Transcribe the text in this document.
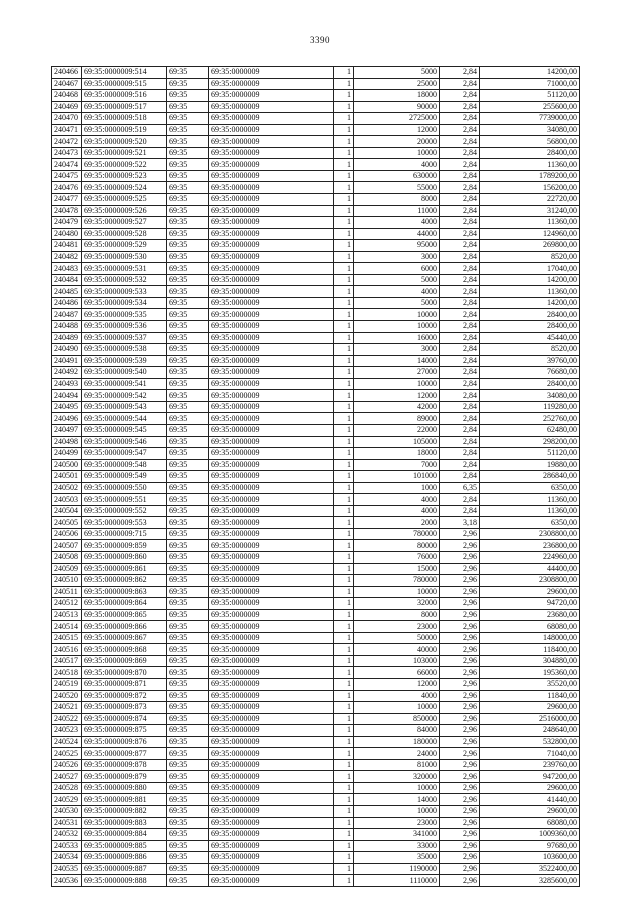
3390
240466	69:35:0000009:514	69:35	69:35:0000009	1	5000	2,84	14200,00
240467	69:35:0000009:515	69:35	69:35:0000009	1	25000	2,84	71000,00
240468	69:35:0000009:516	69:35	69:35:0000009	1	18000	2,84	51120,00
240469	69:35:0000009:517	69:35	69:35:0000009	1	90000	2,84	255600,00
240470	69:35:0000009:518	69:35	69:35:0000009	1	2725000	2,84	7739000,00
240471	69:35:0000009:519	69:35	69:35:0000009	1	12000	2,84	34080,00
240472	69:35:0000009:520	69:35	69:35:0000009	1	20000	2,84	56800,00
240473	69:35:0000009:521	69:35	69:35:0000009	1	10000	2,84	28400,00
240474	69:35:0000009:522	69:35	69:35:0000009	1	4000	2,84	11360,00
240475	69:35:0000009:523	69:35	69:35:0000009	1	630000	2,84	1789200,00
240476	69:35:0000009:524	69:35	69:35:0000009	1	55000	2,84	156200,00
240477	69:35:0000009:525	69:35	69:35:0000009	1	8000	2,84	22720,00
240478	69:35:0000009:526	69:35	69:35:0000009	1	11000	2,84	31240,00
240479	69:35:0000009:527	69:35	69:35:0000009	1	4000	2,84	11360,00
240480	69:35:0000009:528	69:35	69:35:0000009	1	44000	2,84	124960,00
240481	69:35:0000009:529	69:35	69:35:0000009	1	95000	2,84	269800,00
240482	69:35:0000009:530	69:35	69:35:0000009	1	3000	2,84	8520,00
240483	69:35:0000009:531	69:35	69:35:0000009	1	6000	2,84	17040,00
240484	69:35:0000009:532	69:35	69:35:0000009	1	5000	2,84	14200,00
240485	69:35:0000009:533	69:35	69:35:0000009	1	4000	2,84	11360,00
240486	69:35:0000009:534	69:35	69:35:0000009	1	5000	2,84	14200,00
240487	69:35:0000009:535	69:35	69:35:0000009	1	10000	2,84	28400,00
240488	69:35:0000009:536	69:35	69:35:0000009	1	10000	2,84	28400,00
240489	69:35:0000009:537	69:35	69:35:0000009	1	16000	2,84	45440,00
240490	69:35:0000009:538	69:35	69:35:0000009	1	3000	2,84	8520,00
240491	69:35:0000009:539	69:35	69:35:0000009	1	14000	2,84	39760,00
240492	69:35:0000009:540	69:35	69:35:0000009	1	27000	2,84	76680,00
240493	69:35:0000009:541	69:35	69:35:0000009	1	10000	2,84	28400,00
240494	69:35:0000009:542	69:35	69:35:0000009	1	12000	2,84	34080,00
240495	69:35:0000009:543	69:35	69:35:0000009	1	42000	2,84	119280,00
240496	69:35:0000009:544	69:35	69:35:0000009	1	89000	2,84	252760,00
240497	69:35:0000009:545	69:35	69:35:0000009	1	22000	2,84	62480,00
240498	69:35:0000009:546	69:35	69:35:0000009	1	105000	2,84	298200,00
240499	69:35:0000009:547	69:35	69:35:0000009	1	18000	2,84	51120,00
240500	69:35:0000009:548	69:35	69:35:0000009	1	7000	2,84	19880,00
240501	69:35:0000009:549	69:35	69:35:0000009	1	101000	2,84	286840,00
240502	69:35:0000009:550	69:35	69:35:0000009	1	1000	6,35	6350,00
240503	69:35:0000009:551	69:35	69:35:0000009	1	4000	2,84	11360,00
240504	69:35:0000009:552	69:35	69:35:0000009	1	4000	2,84	11360,00
240505	69:35:0000009:553	69:35	69:35:0000009	1	2000	3,18	6350,00
240506	69:35:0000009:715	69:35	69:35:0000009	1	780000	2,96	2308800,00
240507	69:35:0000009:859	69:35	69:35:0000009	1	80000	2,96	236800,00
240508	69:35:0000009:860	69:35	69:35:0000009	1	76000	2,96	224960,00
240509	69:35:0000009:861	69:35	69:35:0000009	1	15000	2,96	44400,00
240510	69:35:0000009:862	69:35	69:35:0000009	1	780000	2,96	2308800,00
240511	69:35:0000009:863	69:35	69:35:0000009	1	10000	2,96	29600,00
240512	69:35:0000009:864	69:35	69:35:0000009	1	32000	2,96	94720,00
240513	69:35:0000009:865	69:35	69:35:0000009	1	8000	2,96	23680,00
240514	69:35:0000009:866	69:35	69:35:0000009	1	23000	2,96	68080,00
240515	69:35:0000009:867	69:35	69:35:0000009	1	50000	2,96	148000,00
240516	69:35:0000009:868	69:35	69:35:0000009	1	40000	2,96	118400,00
240517	69:35:0000009:869	69:35	69:35:0000009	1	103000	2,96	304880,00
240518	69:35:0000009:870	69:35	69:35:0000009	1	66000	2,96	195360,00
240519	69:35:0000009:871	69:35	69:35:0000009	1	12000	2,96	35520,00
240520	69:35:0000009:872	69:35	69:35:0000009	1	4000	2,96	11840,00
240521	69:35:0000009:873	69:35	69:35:0000009	1	10000	2,96	29600,00
240522	69:35:0000009:874	69:35	69:35:0000009	1	850000	2,96	2516000,00
240523	69:35:0000009:875	69:35	69:35:0000009	1	84000	2,96	248640,00
240524	69:35:0000009:876	69:35	69:35:0000009	1	180000	2,96	532800,00
240525	69:35:0000009:877	69:35	69:35:0000009	1	24000	2,96	71040,00
240526	69:35:0000009:878	69:35	69:35:0000009	1	81000	2,96	239760,00
240527	69:35:0000009:879	69:35	69:35:0000009	1	320000	2,96	947200,00
240528	69:35:0000009:880	69:35	69:35:0000009	1	10000	2,96	29600,00
240529	69:35:0000009:881	69:35	69:35:0000009	1	14000	2,96	41440,00
240530	69:35:0000009:882	69:35	69:35:0000009	1	10000	2,96	29600,00
240531	69:35:0000009:883	69:35	69:35:0000009	1	23000	2,96	68080,00
240532	69:35:0000009:884	69:35	69:35:0000009	1	341000	2,96	1009360,00
240533	69:35:0000009:885	69:35	69:35:0000009	1	33000	2,96	97680,00
240534	69:35:0000009:886	69:35	69:35:0000009	1	35000	2,96	103600,00
240535	69:35:0000009:887	69:35	69:35:0000009	1	1190000	2,96	3522400,00
240536	69:35:0000009:888	69:35	69:35:0000009	1	1110000	2,96	3285600,00
